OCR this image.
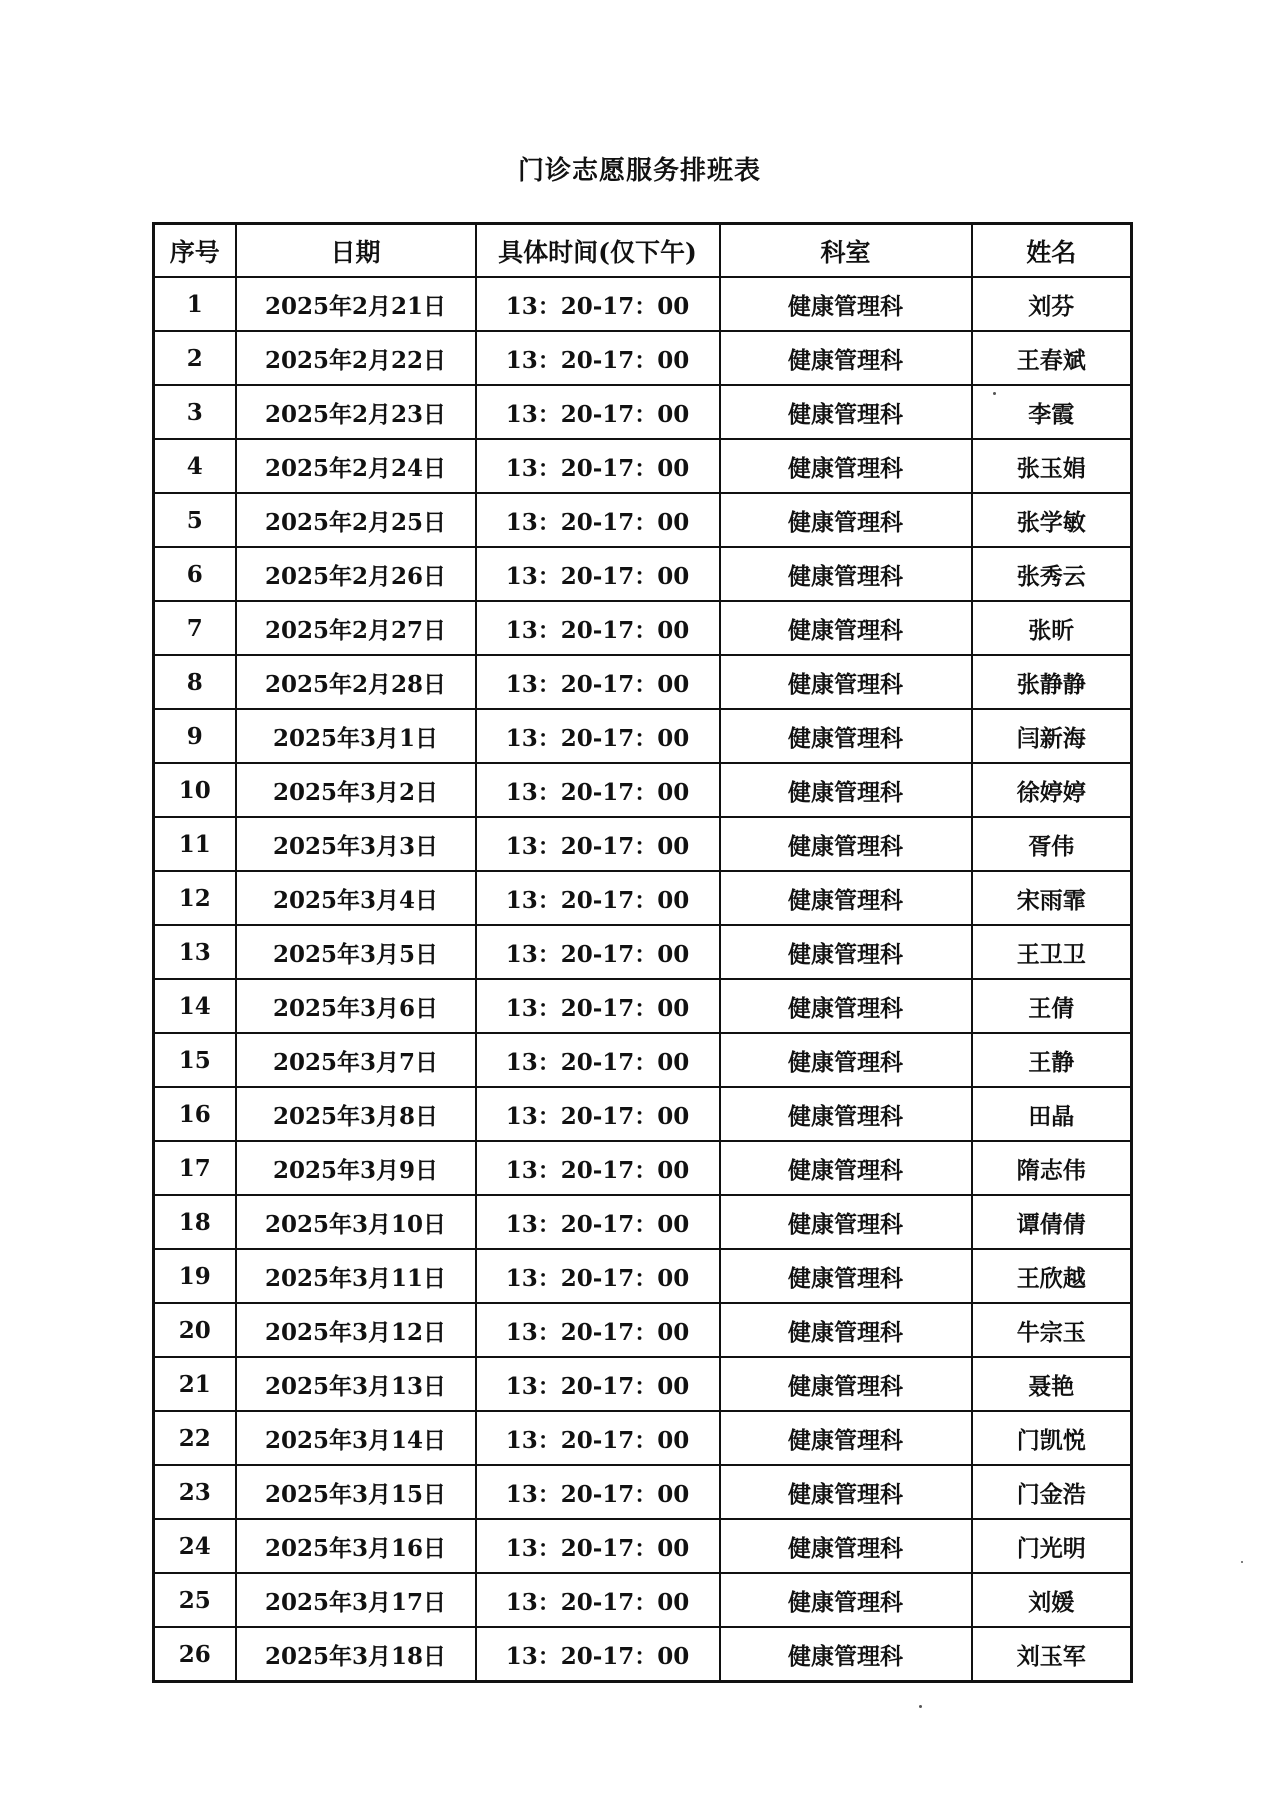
门诊志愿服务排班表
序号	日期	具体时间(仅下午)	科室	姓名
1	2025年2月21日	13：20-17：00	健康管理科	刘芬
2	2025年2月22日	13：20-17：00	健康管理科	王春斌
3	2025年2月23日	13：20-17：00	健康管理科	李霞
4	2025年2月24日	13：20-17：00	健康管理科	张玉娟
5	2025年2月25日	13：20-17：00	健康管理科	张学敏
6	2025年2月26日	13：20-17：00	健康管理科	张秀云
7	2025年2月27日	13：20-17：00	健康管理科	张昕
8	2025年2月28日	13：20-17：00	健康管理科	张静静
9	2025年3月1日	13：20-17：00	健康管理科	闫新海
10	2025年3月2日	13：20-17：00	健康管理科	徐婷婷
11	2025年3月3日	13：20-17：00	健康管理科	胥伟
12	2025年3月4日	13：20-17：00	健康管理科	宋雨霏
13	2025年3月5日	13：20-17：00	健康管理科	王卫卫
14	2025年3月6日	13：20-17：00	健康管理科	王倩
15	2025年3月7日	13：20-17：00	健康管理科	王静
16	2025年3月8日	13：20-17：00	健康管理科	田晶
17	2025年3月9日	13：20-17：00	健康管理科	隋志伟
18	2025年3月10日	13：20-17：00	健康管理科	谭倩倩
19	2025年3月11日	13：20-17：00	健康管理科	王欣越
20	2025年3月12日	13：20-17：00	健康管理科	牛宗玉
21	2025年3月13日	13：20-17：00	健康管理科	聂艳
22	2025年3月14日	13：20-17：00	健康管理科	门凯悦
23	2025年3月15日	13：20-17：00	健康管理科	门金浩
24	2025年3月16日	13：20-17：00	健康管理科	门光明
25	2025年3月17日	13：20-17：00	健康管理科	刘媛
26	2025年3月18日	13：20-17：00	健康管理科	刘玉军
